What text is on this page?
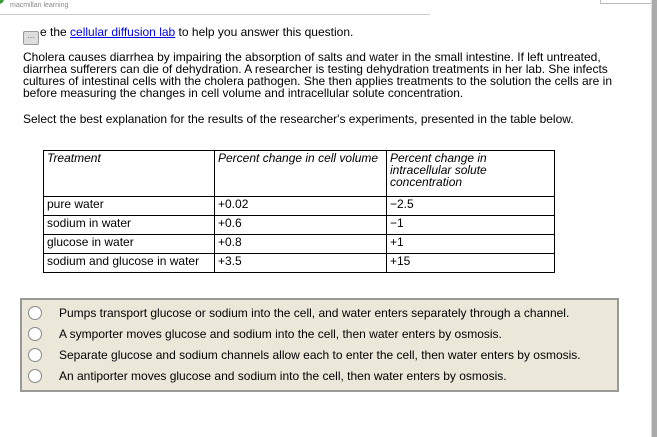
macmillan learning
… e the cellular diffusion lab to help you answer this question.
Cholera causes diarrhea by impairing the absorption of salts and water in the small intestine. If left untreated, diarrhea sufferers can die of dehydration. A researcher is testing dehydration treatments in her lab. She infects cultures of intestinal cells with the cholera pathogen. She then applies treatments to the solution the cells are in before measuring the changes in cell volume and intracellular solute concentration.
Select the best explanation for the results of the researcher's experiments, presented in the table below.
Treatment	Percent change in cell volume	Percent change in intracellular solute concentration
pure water	+0.02	−2.5
sodium in water	+0.6	−1
glucose in water	+0.8	+1
sodium and glucose in water	+3.5	+15
Pumps transport glucose or sodium into the cell, and water enters separately through a channel.
A symporter moves glucose and sodium into the cell, then water enters by osmosis.
Separate glucose and sodium channels allow each to enter the cell, then water enters by osmosis.
An antiporter moves glucose and sodium into the cell, then water enters by osmosis.
